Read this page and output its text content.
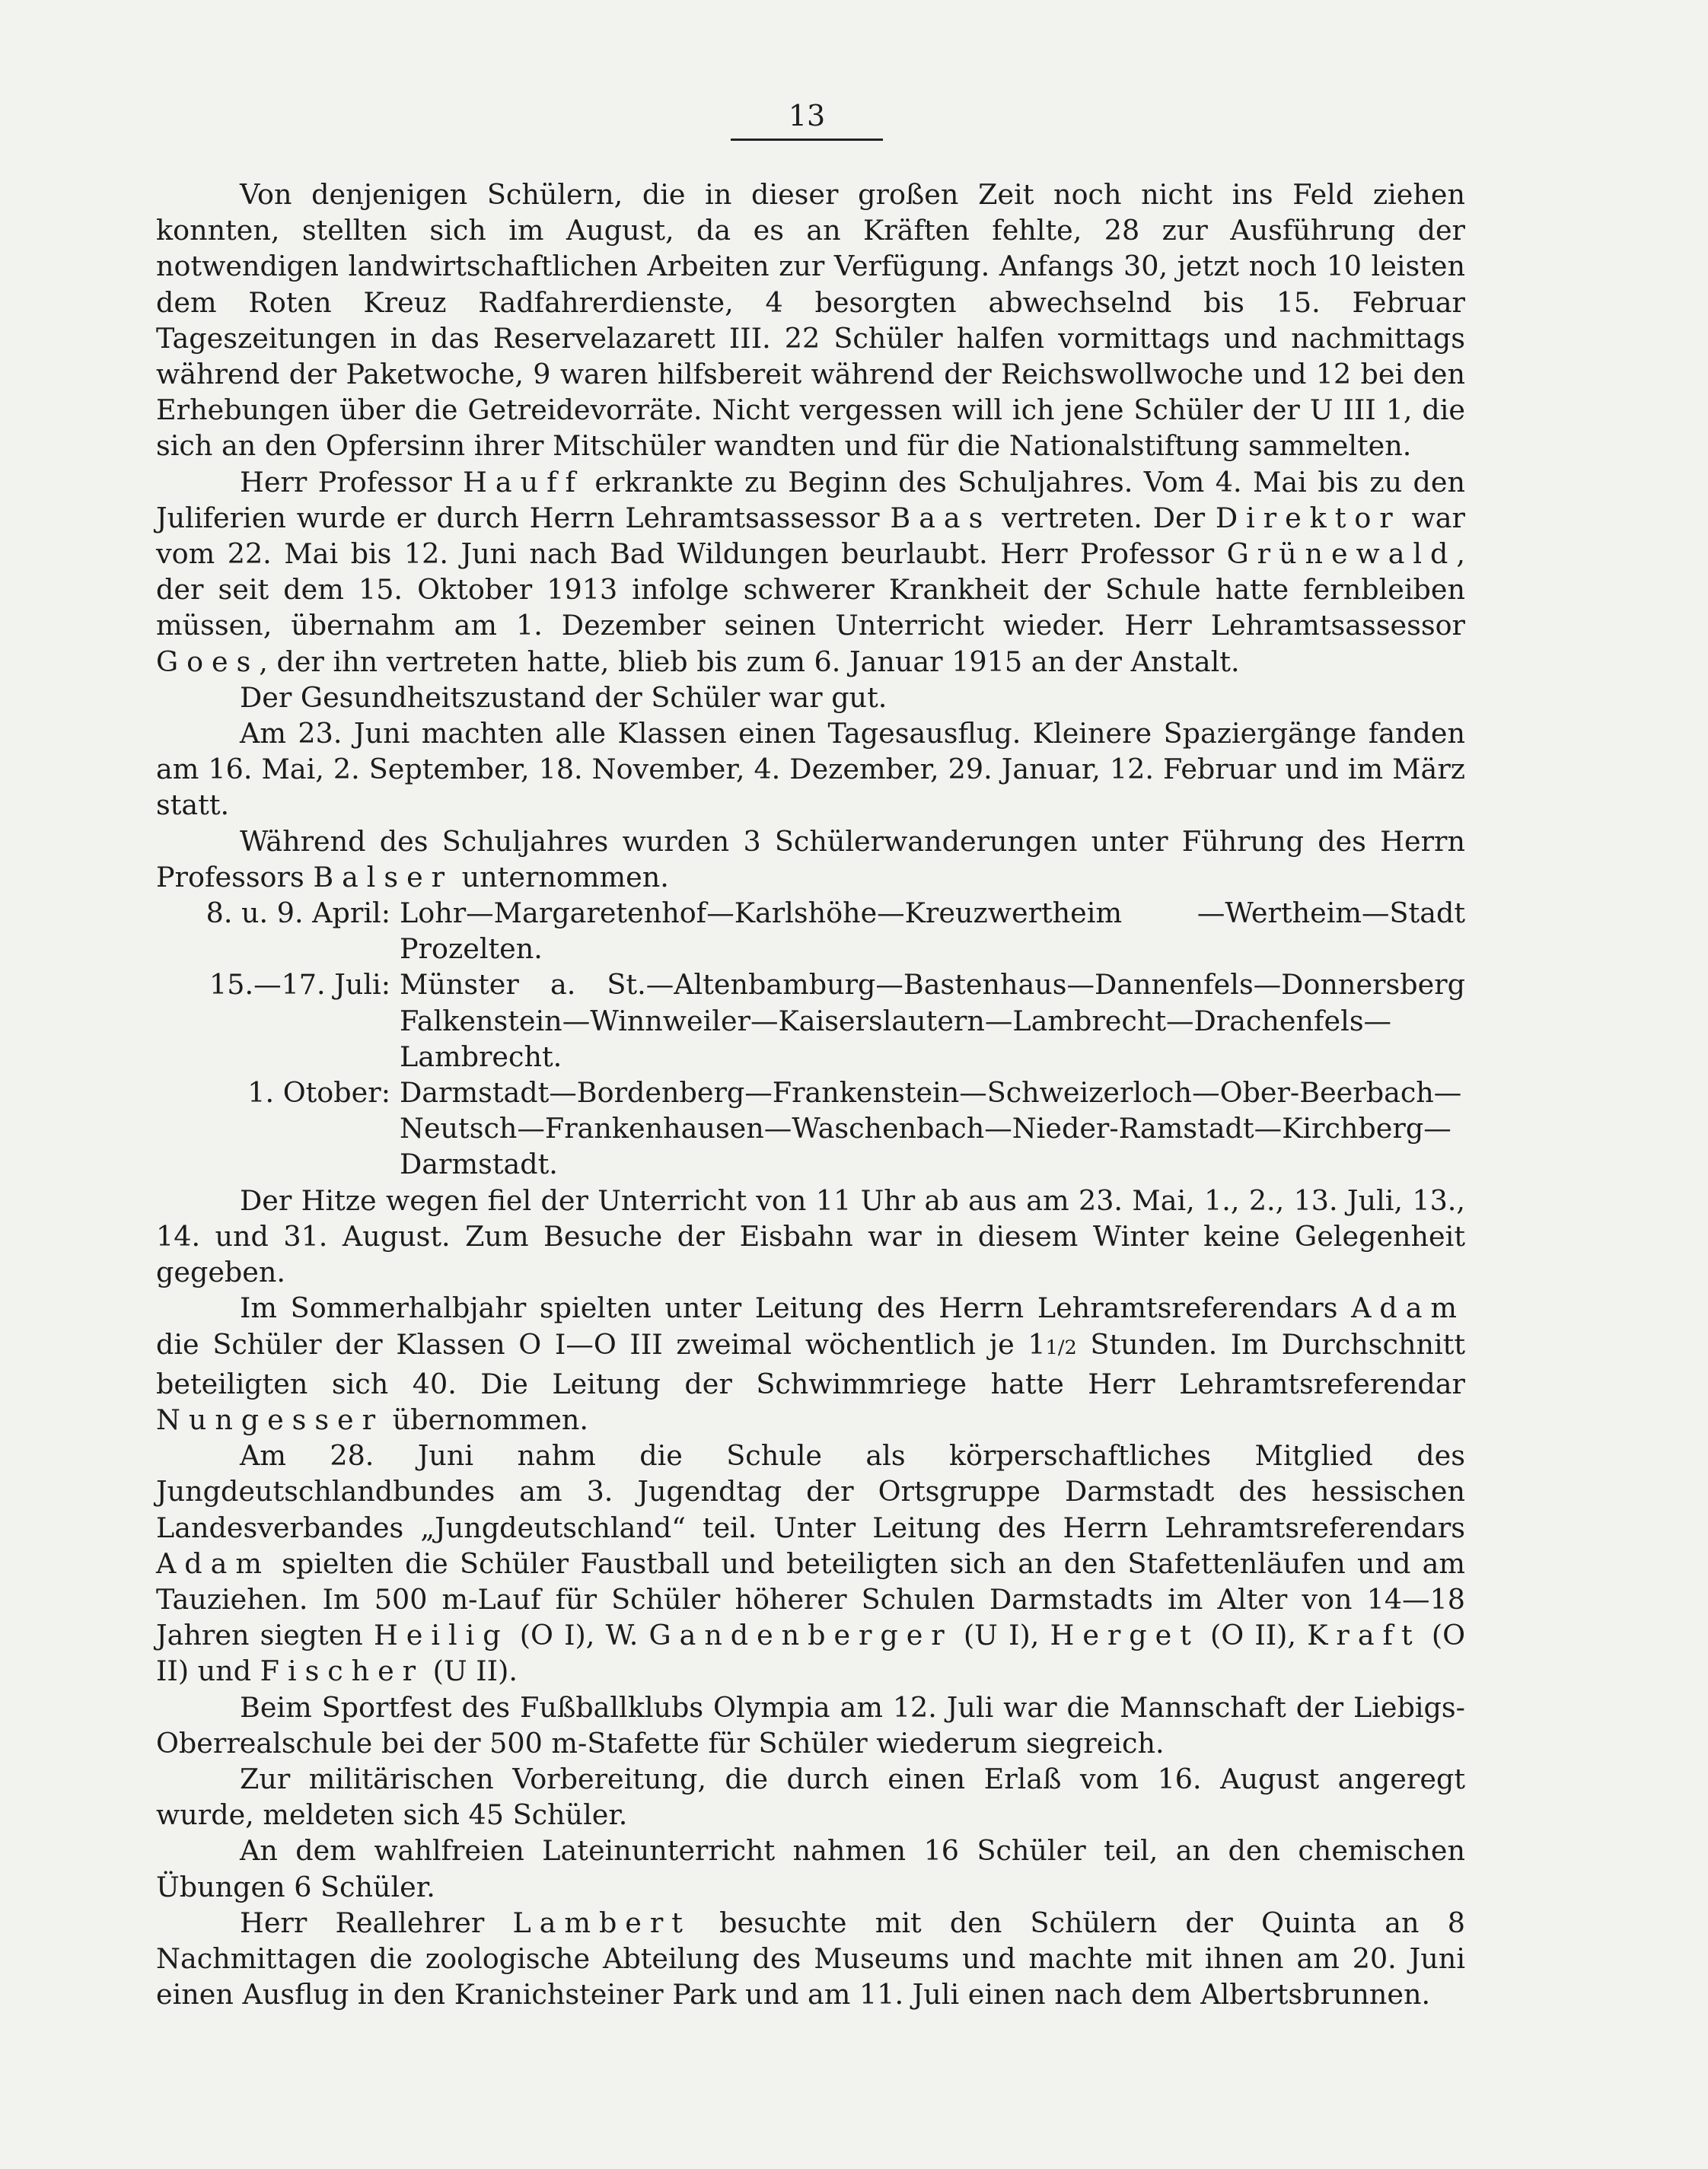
13

Von denjenigen Schülern, die in dieser großen Zeit noch nicht ins Feld ziehen konnten, stellten sich im August, da es an Kräften fehlte, 28 zur Ausführung der notwendigen landwirtschaftlichen Arbeiten zur Verfügung. Anfangs 30, jetzt noch 10 leisten dem Roten Kreuz Radfahrerdienste, 4 besorgten abwechselnd bis 15. Februar Tageszeitungen in das Reservelazarett III. 22 Schüler halfen vormittags und nachmittags während der Paketwoche, 9 waren hilfsbereit während der Reichswollwoche und 12 bei den Erhebungen über die Getreidevorräte. Nicht vergessen will ich jene Schüler der U III 1, die sich an den Opfersinn ihrer Mitschüler wandten und für die Nationalstiftung sammelten.

Herr Professor Hauff erkrankte zu Beginn des Schuljahres. Vom 4. Mai bis zu den Juliferien wurde er durch Herrn Lehramtsassessor Baas vertreten. Der Direktor war vom 22. Mai bis 12. Juni nach Bad Wildungen beurlaubt. Herr Professor Grünewald, der seit dem 15. Oktober 1913 infolge schwerer Krankheit der Schule hatte fernbleiben müssen, übernahm am 1. Dezember seinen Unterricht wieder. Herr Lehramtsassessor Goes, der ihn vertreten hatte, blieb bis zum 6. Januar 1915 an der Anstalt.

Der Gesundheitszustand der Schüler war gut.

Am 23. Juni machten alle Klassen einen Tagesausflug. Kleinere Spaziergänge fanden am 16. Mai, 2. September, 18. November, 4. Dezember, 29. Januar, 12. Februar und im März statt.

Während des Schuljahres wurden 3 Schülerwanderungen unter Führung des Herrn Professors Balser unternommen.

8. u. 9. April: Lohr—Margaretenhof—Karlshöhe—Kreuzwertheim —Wertheim—Stadt Prozelten.
15.—17. Juli: Münster a. St.—Altenbamburg—Bastenhaus—Dannenfels—Donnersberg Falkenstein—Winnweiler—Kaiserslautern—Lambrecht—Drachenfels—Lambrecht.
1. Otober: Darmstadt—Bordenberg—Frankenstein—Schweizerloch—Ober-Beerbach—Neutsch—Frankenhausen—Waschenbach—Nieder-Ramstadt—Kirchberg—Darmstadt.

Der Hitze wegen fiel der Unterricht von 11 Uhr ab aus am 23. Mai, 1., 2., 13. Juli, 13., 14. und 31. August. Zum Besuche der Eisbahn war in diesem Winter keine Gelegenheit gegeben.

Im Sommerhalbjahr spielten unter Leitung des Herrn Lehramtsreferendars Adam die Schüler der Klassen O I—O III zweimal wöchentlich je 11/2 Stunden. Im Durchschnitt beteiligten sich 40. Die Leitung der Schwimmriege hatte Herr Lehramtsreferendar Nungesser übernommen.

Am 28. Juni nahm die Schule als körperschaftliches Mitglied des Jungdeutschlandbundes am 3. Jugendtag der Ortsgruppe Darmstadt des hessischen Landesverbandes „Jungdeutschland“ teil. Unter Leitung des Herrn Lehramtsreferendars Adam spielten die Schüler Faustball und beteiligten sich an den Stafettenläufen und am Tauziehen. Im 500 m-Lauf für Schüler höherer Schulen Darmstadts im Alter von 14—18 Jahren siegten Heilig (O I), W. Gandenberger (U I), Herget (O II), Kraft (O II) und Fischer (U II).

Beim Sportfest des Fußballklubs Olympia am 12. Juli war die Mannschaft der Liebigs-Oberrealschule bei der 500 m-Stafette für Schüler wiederum siegreich.

Zur militärischen Vorbereitung, die durch einen Erlaß vom 16. August angeregt wurde, meldeten sich 45 Schüler.

An dem wahlfreien Lateinunterricht nahmen 16 Schüler teil, an den chemischen Übungen 6 Schüler.

Herr Reallehrer Lambert besuchte mit den Schülern der Quinta an 8 Nachmittagen die zoologische Abteilung des Museums und machte mit ihnen am 20. Juni einen Ausflug in den Kranichsteiner Park und am 11. Juli einen nach dem Albertsbrunnen.
